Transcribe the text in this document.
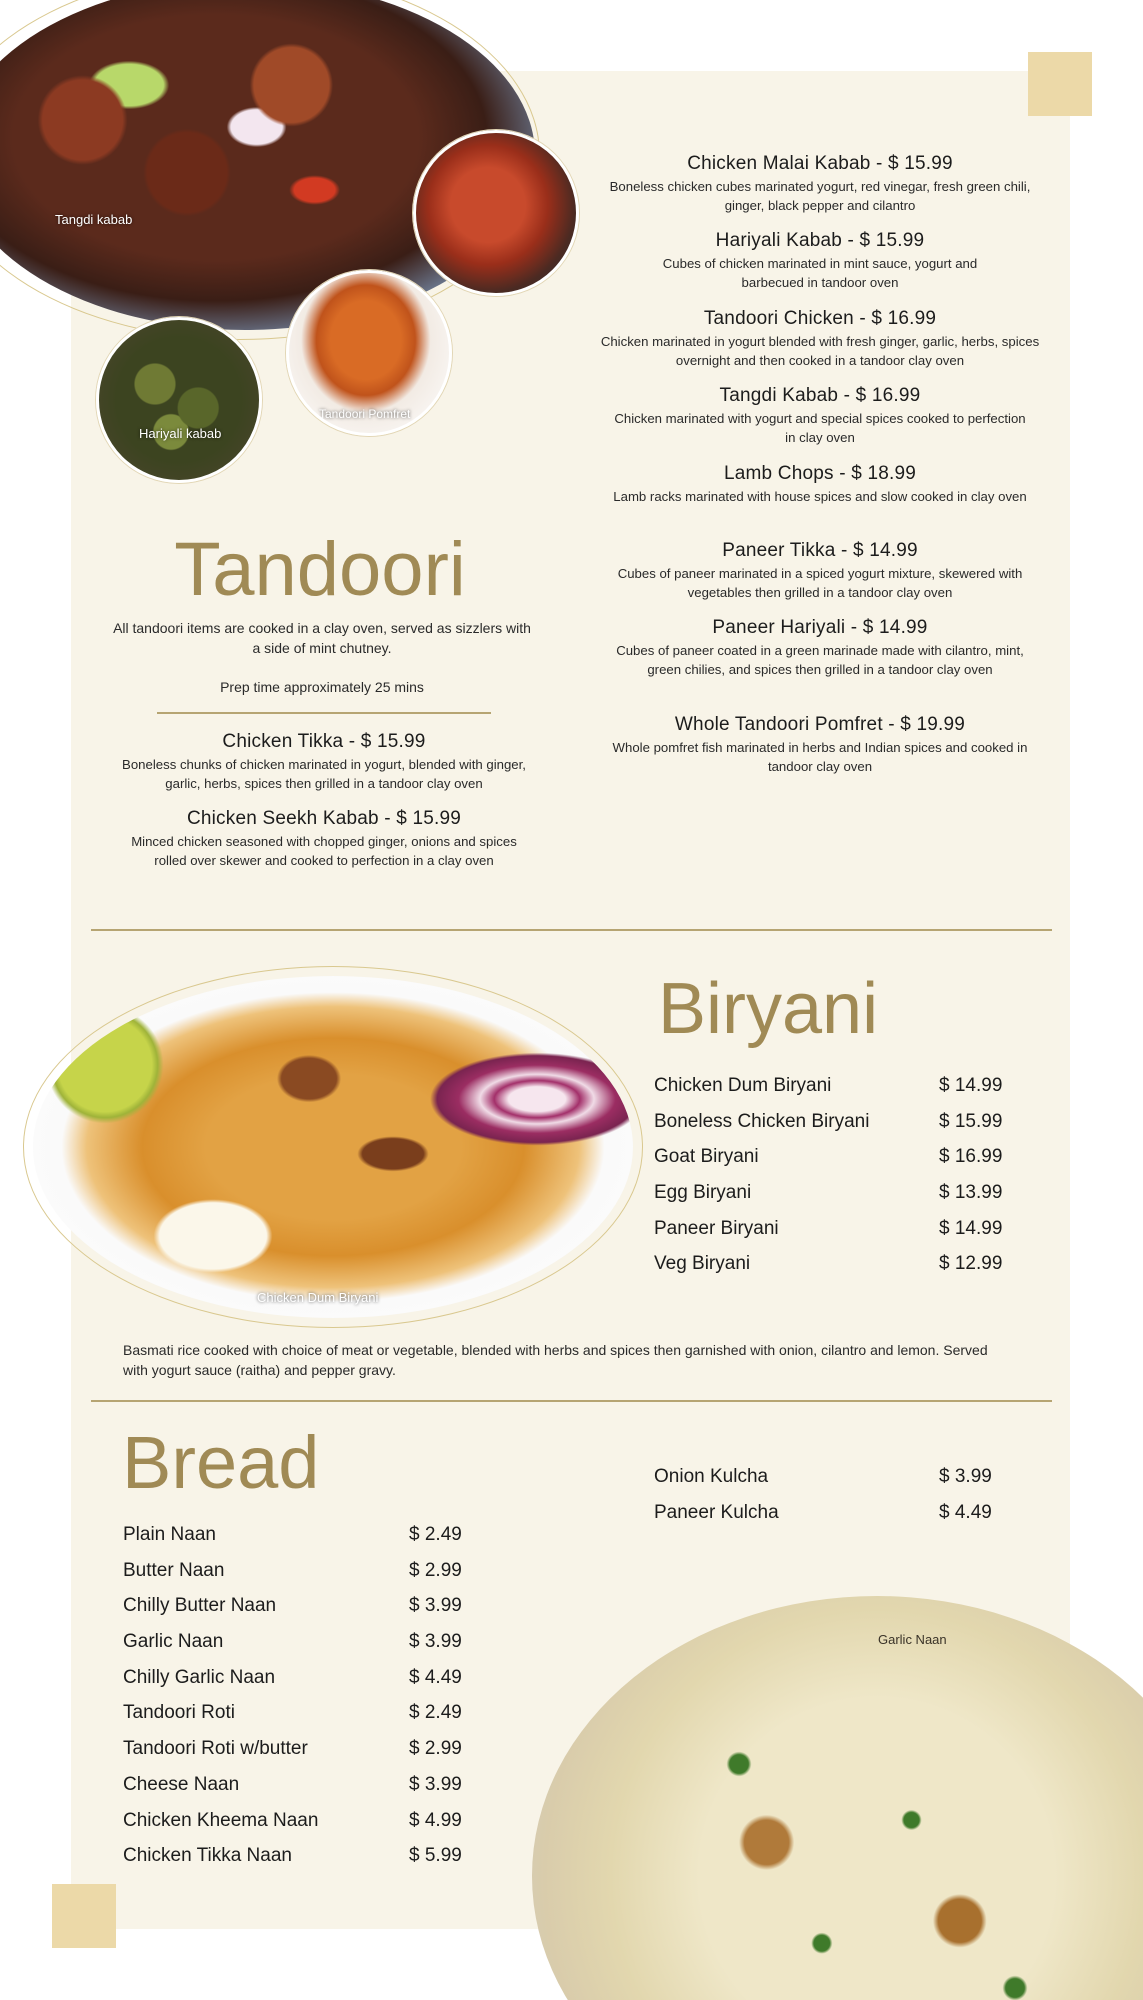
Tangdi kabab
Tandoori Pomfret
Hariyali kabab
Chicken Malai Kabab - $ 15.99
Boneless chicken cubes marinated yogurt, red vinegar, fresh green chili, ginger, black pepper and cilantro
Hariyali Kabab - $ 15.99
Cubes of chicken marinated in mint sauce, yogurt and barbecued in tandoor oven
Tandoori Chicken - $ 16.99
Chicken marinated in yogurt blended with fresh ginger, garlic, herbs, spices overnight and then cooked in a tandoor clay oven
Tangdi Kabab - $ 16.99
Chicken marinated with yogurt and special spices cooked to perfection in clay oven
Lamb Chops - $ 18.99
Lamb racks marinated with house spices and slow cooked in clay oven
Paneer Tikka - $ 14.99
Cubes of paneer marinated in a spiced yogurt mixture, skewered with vegetables then grilled in a tandoor clay oven
Paneer Hariyali - $ 14.99
Cubes of paneer coated in a green marinade made with cilantro, mint, green chilies, and spices then grilled in a tandoor clay oven
Whole Tandoori Pomfret - $ 19.99
Whole pomfret fish marinated in herbs and Indian spices and cooked in tandoor clay oven
Tandoori
All tandoori items are cooked in a clay oven, served as sizzlers with a side of mint chutney.
Prep time approximately 25 mins
Chicken Tikka - $ 15.99
Boneless chunks of chicken marinated in yogurt, blended with ginger, garlic, herbs, spices then grilled in a tandoor clay oven
Chicken Seekh Kabab - $ 15.99
Minced chicken seasoned with chopped ginger, onions and spices rolled over skewer and cooked to perfection in a clay oven
Chicken Dum Biryani
Biryani
Chicken Dum Biryani	$ 14.99
Boneless Chicken Biryani	$ 15.99
Goat Biryani	$ 16.99
Egg Biryani	$ 13.99
Paneer Biryani	$ 14.99
Veg Biryani	$ 12.99
Basmati rice cooked with choice of meat or vegetable, blended with herbs and spices then garnished with onion, cilantro and lemon. Served with yogurt sauce (raitha) and pepper gravy.
Bread
Plain Naan	$ 2.49
Butter Naan	$ 2.99
Chilly Butter Naan	$ 3.99
Garlic Naan	$ 3.99
Chilly Garlic Naan	$ 4.49
Tandoori Roti	$ 2.49
Tandoori Roti w/butter	$ 2.99
Cheese Naan	$ 3.99
Chicken Kheema Naan	$ 4.99
Chicken Tikka Naan	$ 5.99
Onion Kulcha	$ 3.99
Paneer Kulcha	$ 4.49
Garlic Naan
